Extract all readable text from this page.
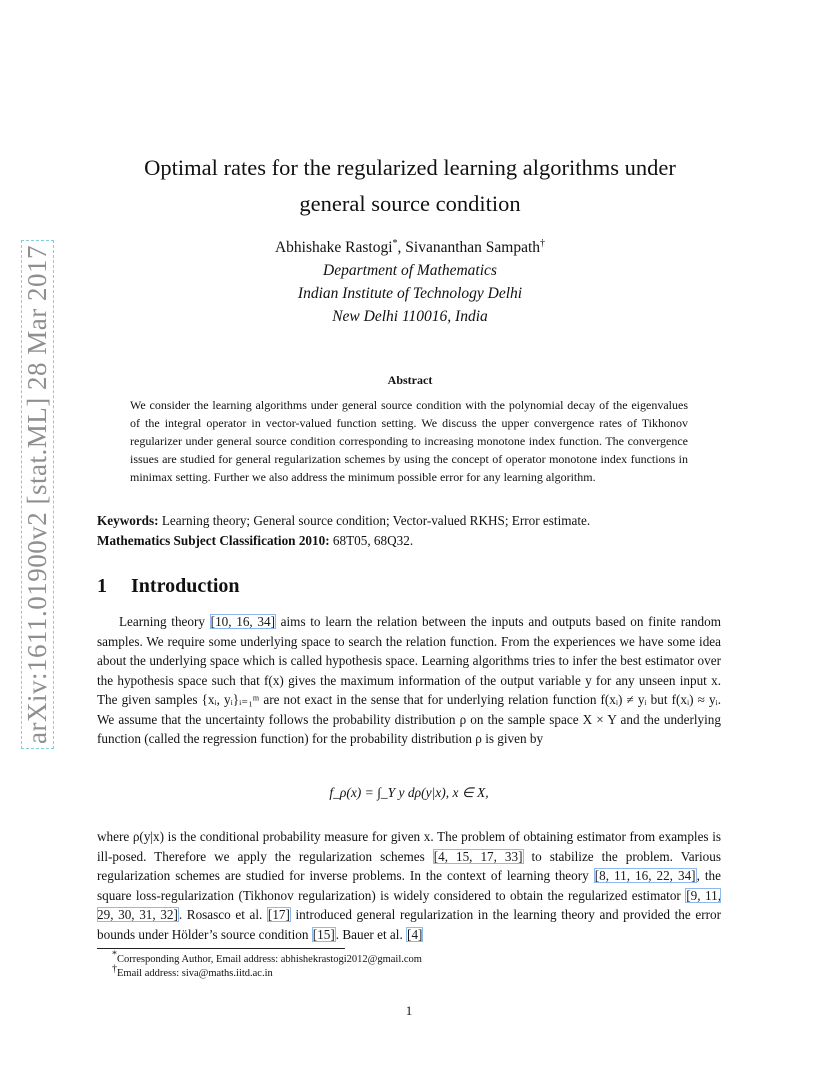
arXiv:1611.01900v2 [stat.ML] 28 Mar 2017
Optimal rates for the regularized learning algorithms under
general source condition
Abhishake Rastogi*, Sivananthan Sampath†
Department of Mathematics
Indian Institute of Technology Delhi
New Delhi 110016, India
Abstract
We consider the learning algorithms under general source condition with the polynomial decay of the eigenvalues of the integral operator in vector-valued function setting. We discuss the upper convergence rates of Tikhonov regularizer under general source condition corresponding to increasing monotone index function. The convergence issues are studied for general regularization schemes by using the concept of operator monotone index functions in minimax setting. Further we also address the minimum possible error for any learning algorithm.
Keywords: Learning theory; General source condition; Vector-valued RKHS; Error estimate.
Mathematics Subject Classification 2010: 68T05, 68Q32.
1 Introduction
Learning theory [10, 16, 34] aims to learn the relation between the inputs and outputs based on finite random samples. We require some underlying space to search the relation function. From the experiences we have some idea about the underlying space which is called hypothesis space. Learning algorithms tries to infer the best estimator over the hypothesis space such that f(x) gives the maximum information of the output variable y for any unseen input x. The given samples {xᵢ, yᵢ}ᵢ₌₁ᵐ are not exact in the sense that for underlying relation function f(xᵢ) ≠ yᵢ but f(xᵢ) ≈ yᵢ. We assume that the uncertainty follows the probability distribution ρ on the sample space X × Y and the underlying function (called the regression function) for the probability distribution ρ is given by
f_ρ(x) = ∫_Y y dρ(y|x), x ∈ X,
where ρ(y|x) is the conditional probability measure for given x. The problem of obtaining estimator from examples is ill-posed. Therefore we apply the regularization schemes [4, 15, 17, 33] to stabilize the problem. Various regularization schemes are studied for inverse problems. In the context of learning theory [8, 11, 16, 22, 34], the square loss-regularization (Tikhonov regularization) is widely considered to obtain the regularized estimator [9, 11, 29, 30, 31, 32]. Rosasco et al. [17] introduced general regularization in the learning theory and provided the error bounds under Hölder’s source condition [15]. Bauer et al. [4]
*Corresponding Author, Email address: abhishekrastogi2012@gmail.com
†Email address: siva@maths.iitd.ac.in
1
